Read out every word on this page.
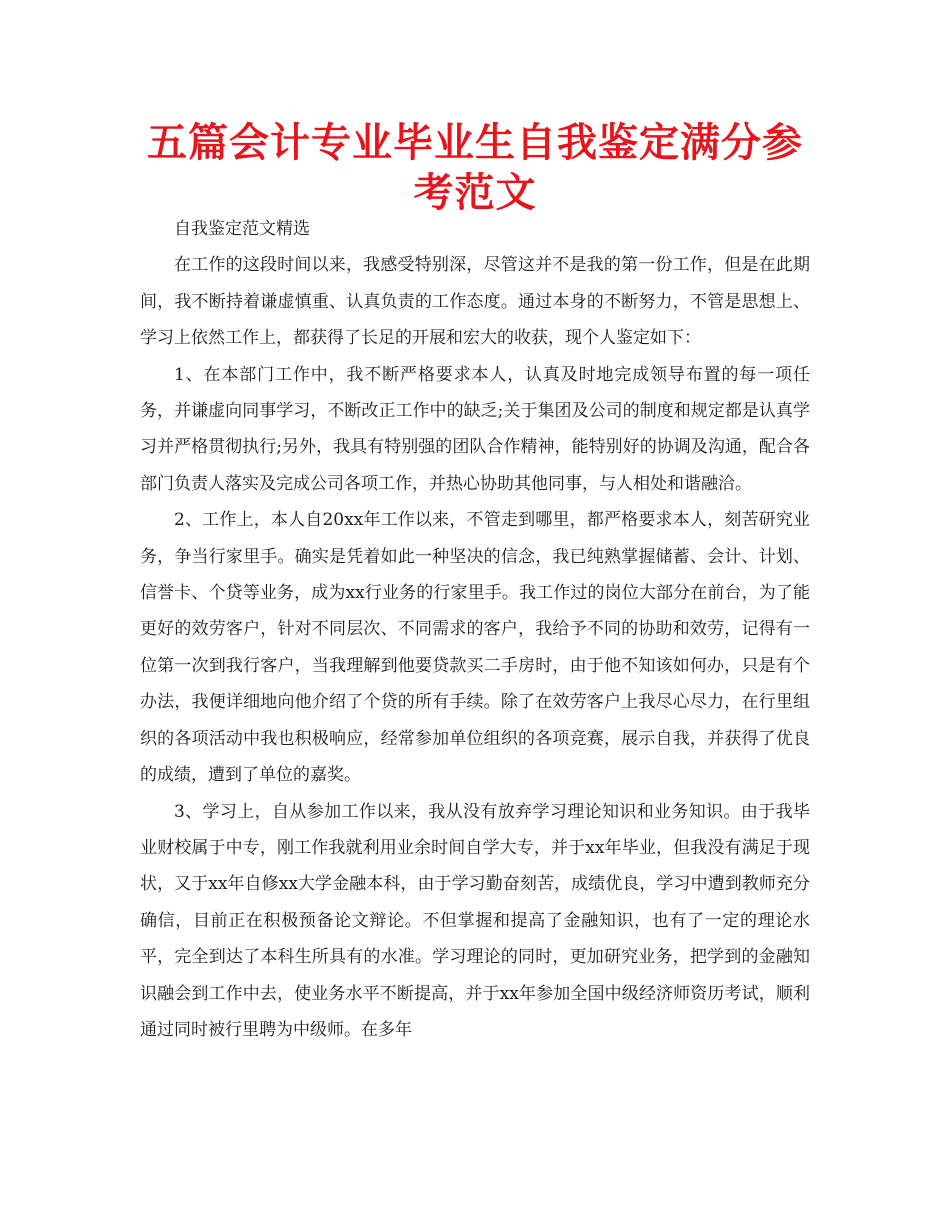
五篇会计专业毕业生自我鉴定满分参考范文

自我鉴定范文精选

在工作的这段时间以来，我感受特别深，尽管这并不是我的第一份工作，但是在此期间，我不断持着谦虚慎重、认真负责的工作态度。通过本身的不断努力，不管是思想上、学习上依然工作上，都获得了长足的开展和宏大的收获，现个人鉴定如下：

1、在本部门工作中，我不断严格要求本人，认真及时地完成领导布置的每一项任务，并谦虚向同事学习，不断改正工作中的缺乏;关于集团及公司的制度和规定都是认真学习并严格贯彻执行;另外，我具有特别强的团队合作精神，能特别好的协调及沟通，配合各部门负责人落实及完成公司各项工作，并热心协助其他同事，与人相处和谐融洽。

2、工作上，本人自20xx年工作以来，不管走到哪里，都严格要求本人，刻苦研究业务，争当行家里手。确实是凭着如此一种坚决的信念，我已纯熟掌握储蓄、会计、计划、信誉卡、个贷等业务，成为xx行业务的行家里手。我工作过的岗位大部分在前台，为了能更好的效劳客户，针对不同层次、不同需求的客户，我给予不同的协助和效劳，记得有一位第一次到我行客户，当我理解到他要贷款买二手房时，由于他不知该如何办，只是有个办法，我便详细地向他介绍了个贷的所有手续。除了在效劳客户上我尽心尽力，在行里组织的各项活动中我也积极响应，经常参加单位组织的各项竞赛，展示自我，并获得了优良的成绩，遭到了单位的嘉奖。

3、学习上，自从参加工作以来，我从没有放弃学习理论知识和业务知识。由于我毕业财校属于中专，刚工作我就利用业余时间自学大专，并于xx年毕业，但我没有满足于现状，又于xx年自修xx大学金融本科，由于学习勤奋刻苦，成绩优良，学习中遭到教师充分确信，目前正在积极预备论文辩论。不但掌握和提高了金融知识，也有了一定的理论水平，完全到达了本科生所具有的水准。学习理论的同时，更加研究业务，把学到的金融知识融会到工作中去，使业务水平不断提高，并于xx年参加全国中级经济师资历考试，顺利通过同时被行里聘为中级师。在多年
